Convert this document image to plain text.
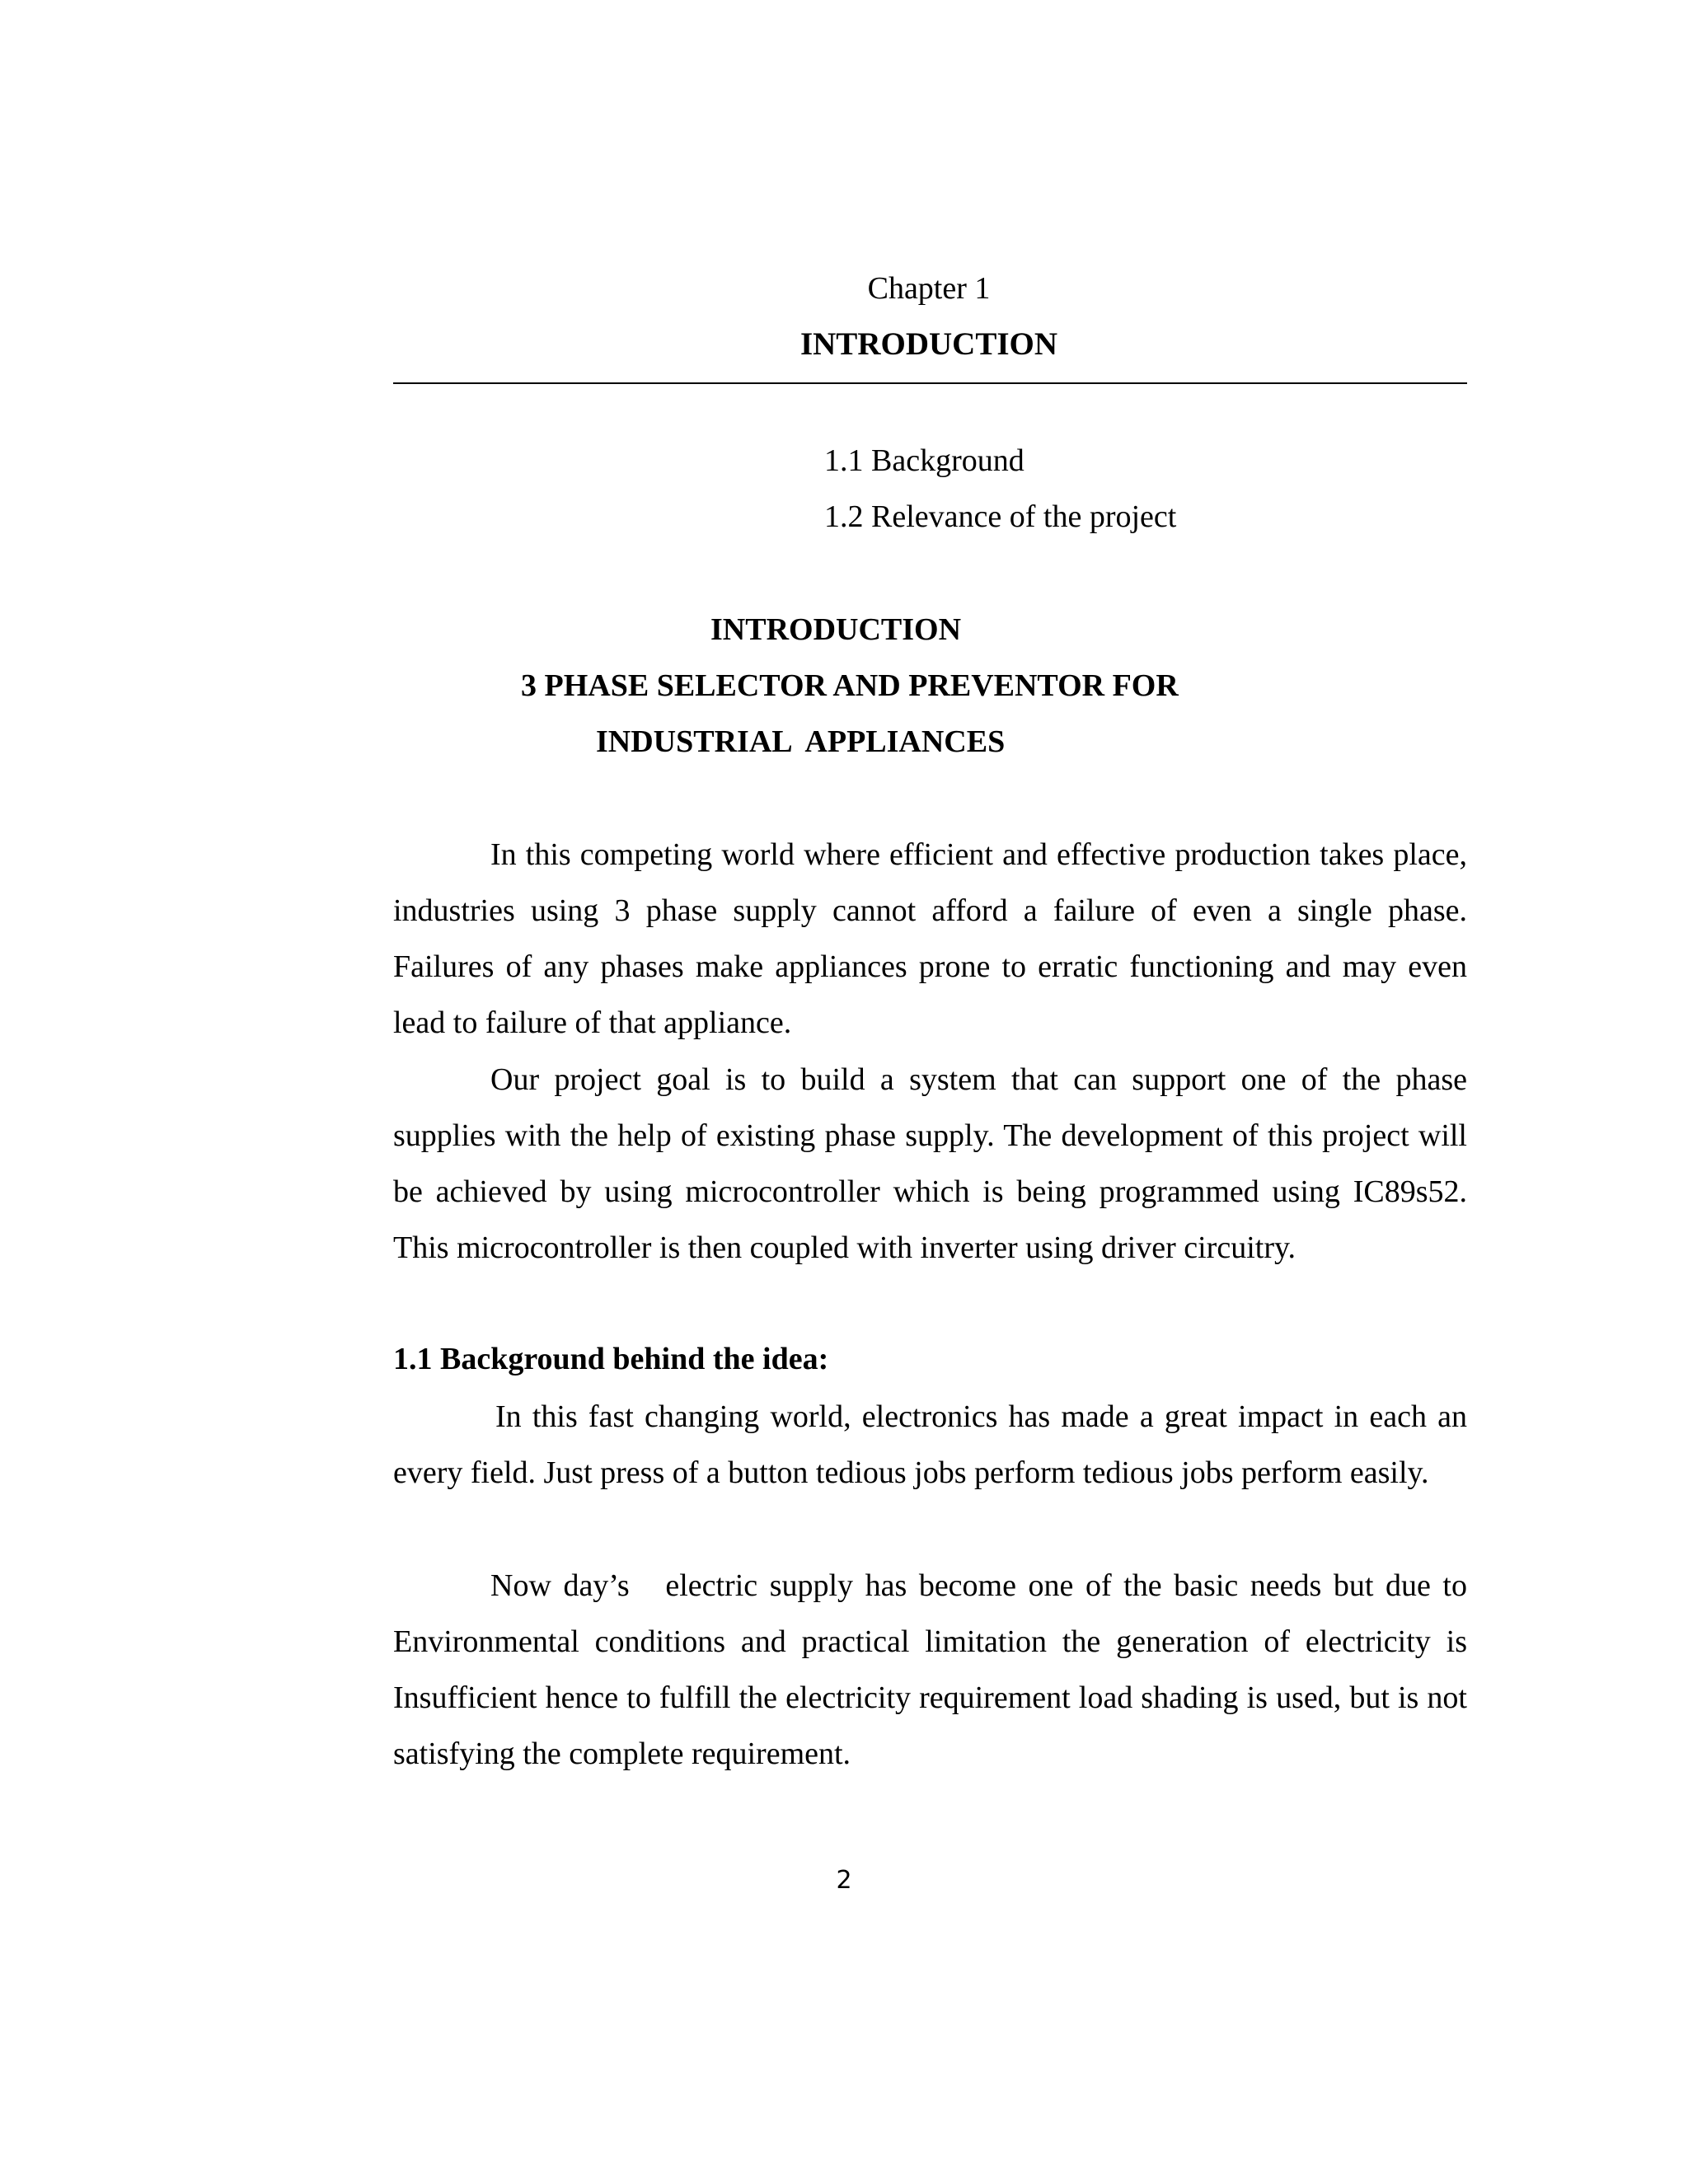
Chapter 1

INTRODUCTION

1.1 Background

1.2 Relevance of the project

INTRODUCTION

3 PHASE SELECTOR AND PREVENTOR FOR

INDUSTRIAL  APPLIANCES

In this competing world where efficient and effective production takes place, industries using 3 phase supply cannot afford a failure of even a single phase. Failures of any phases make appliances prone to erratic functioning and may even lead to failure of that appliance.

Our project goal is to build a system that can support one of the phase supplies with the help of existing phase supply. The development of this project will be achieved by using microcontroller which is being programmed using IC89s52. This microcontroller is then coupled with inverter using driver circuitry.

1.1 Background behind the idea:

In this fast changing world, electronics has made a great impact in each an every field. Just press of a button tedious jobs perform tedious jobs perform easily.

Now day’s   electric supply has become one of the basic needs but due to Environmental conditions and practical limitation the generation of electricity is Insufficient hence to fulfill the electricity requirement load shading is used, but is not satisfying the complete requirement.

2
